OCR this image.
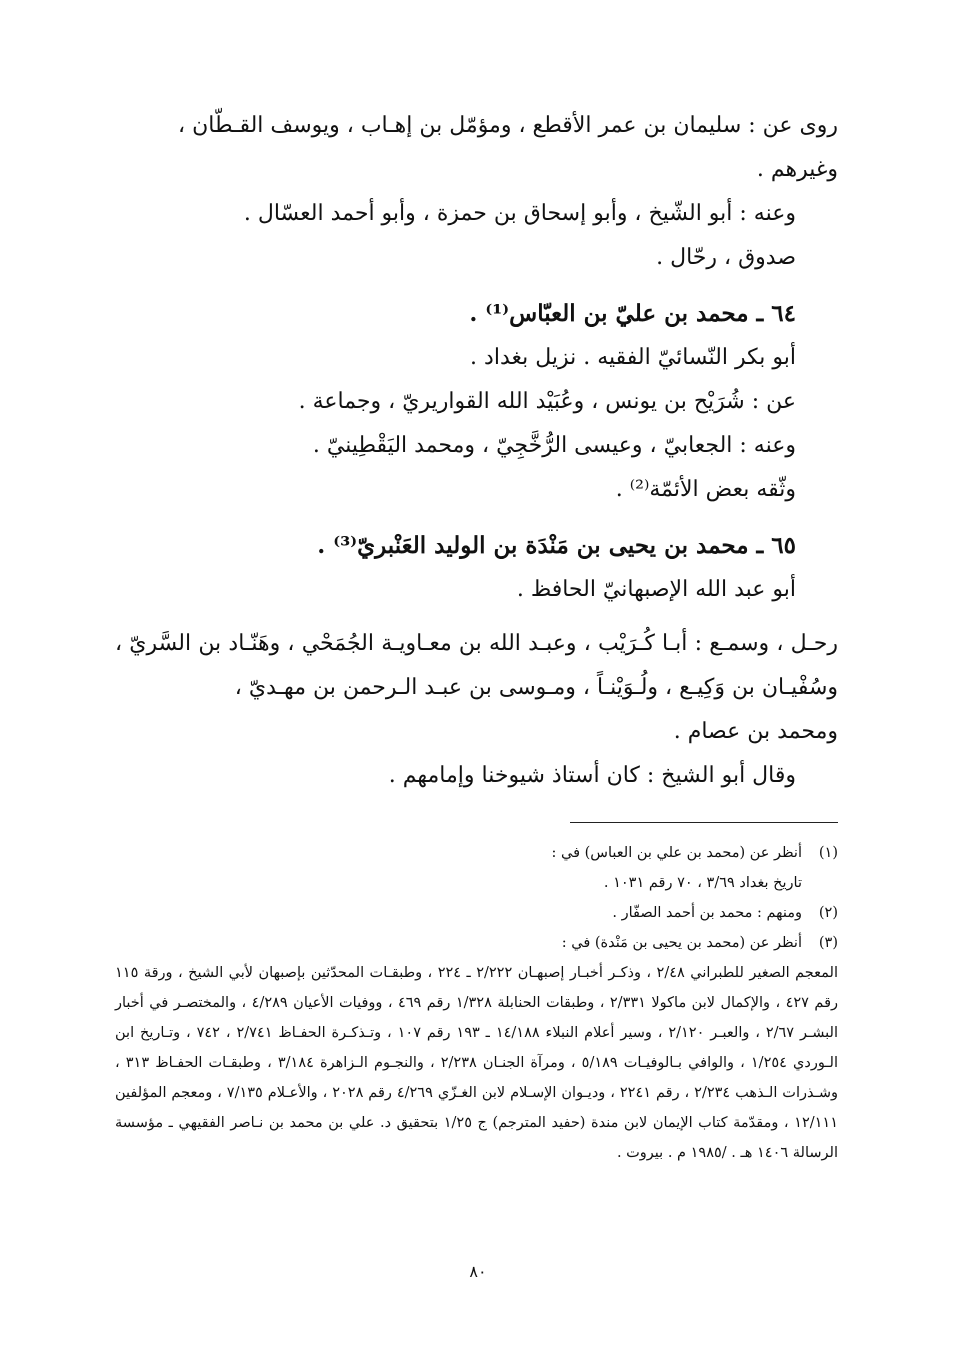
روى عن : سليمان بن عمر الأقطع ، ومؤمّل بن إهـاب ، ويوسف القـطّان ،

وغيرهم .

وعنه : أبو الشّيخ ، وأبو إسحاق بن حمزة ، وأبو أحمد العسّال .

صدوق ، رحّال .

٦٤ ـ محمد بن عليّ بن العبّاس⁽¹⁾ .

أبو بكر النّسائيّ الفقيه . نزيل بغداد .

عن : شُرَيْح بن يونس ، وعُبَيْد الله القواريريّ ، وجماعة .

وعنه : الجعابيّ ، وعيسى الرُّخَّجِيّ ، ومحمد اليَقْطِينيّ .

وثّقه بعض الأئمّة⁽²⁾ .

٦٥ ـ محمد بن يحيى بن مَنْدَة بن الوليد العَنْبريّ⁽³⁾ .

أبو عبد الله الإصبهانيّ الحافظ .

رحـل ، وسمـع : أبـا كُـرَيْب ، وعبـد الله بن معـاويـة الجُمَحْي ، وهَنّـاد بن السَّريّ ، وسُفْيـان بن وَكِيـع ، ولُـوَيْنـاً ، ومـوسى بن عبـد الـرحمن بن مهـديّ ،

ومحمد بن عصام .

وقال أبو الشيخ : كان أستاذ شيوخنا وإمامهم .

(١)أنظر عن (محمد بن علي بن العباس) في :

تاريخ بغداد ٣/٦٩ ، ٧٠ رقم ١٠٣١ .

(٢)ومنهم : محمد بن أحمد الصفّار .

(٣)أنظر عن (محمد بن يحيى بن مَنْدة) في :

المعجم الصغير للطبراني ٢/٤٨ ، وذكـر أخبـار إصبهـان ٢/٢٢٢ ـ ٢٢٤ ، وطبقـات المحدّثين بإصبهان لأبي الشيخ ، ورقة ١١٥ رقم ٤٢٧ ، والإكمال لابن ماكولا ٢/٣٣١ ، وطبقات الحنابلة ١/٣٢٨ رقم ٤٦٩ ، ووفيات الأعيان ٤/٢٨٩ ، والمختصـر في أخبار البشـر ٢/٦٧ ، والعبـر ٢/١٢٠ ، وسير أعلام النبلاء ١٤/١٨٨ ـ ١٩٣ رقم ١٠٧ ، وتـذكـرة الحفـاظ ٢/٧٤١ ، ٧٤٢ ، وتـاريخ ابن الـوردي ١/٢٥٤ ، والوافي بـالوفيـات ٥/١٨٩ ، ومرآة الجنـان ٢/٢٣٨ ، والنجـوم الـزاهرة ٣/١٨٤ ، وطبقـات الحفـاظ ٣١٣ ، وشـذرات الـذهب ٢/٢٣٤ ، رقم ٢٢٤١ ، وديـوان الإسـلام لابن الغـزّي ٤/٢٦٩ رقم ٢٠٢٨ ، والأعـلام ٧/١٣٥ ، ومعجم المؤلفين ١٢/١١١ ، ومقدّمة كتاب الإيمان لابن مندة (حفيد المترجم) ج ١/٢٥ بتحقيق د. علي بن محمد بن نـاصر الفقيهي ـ مؤسسة الرسالة ١٤٠٦ هـ . /١٩٨٥ م . بيروت .

٨٠
